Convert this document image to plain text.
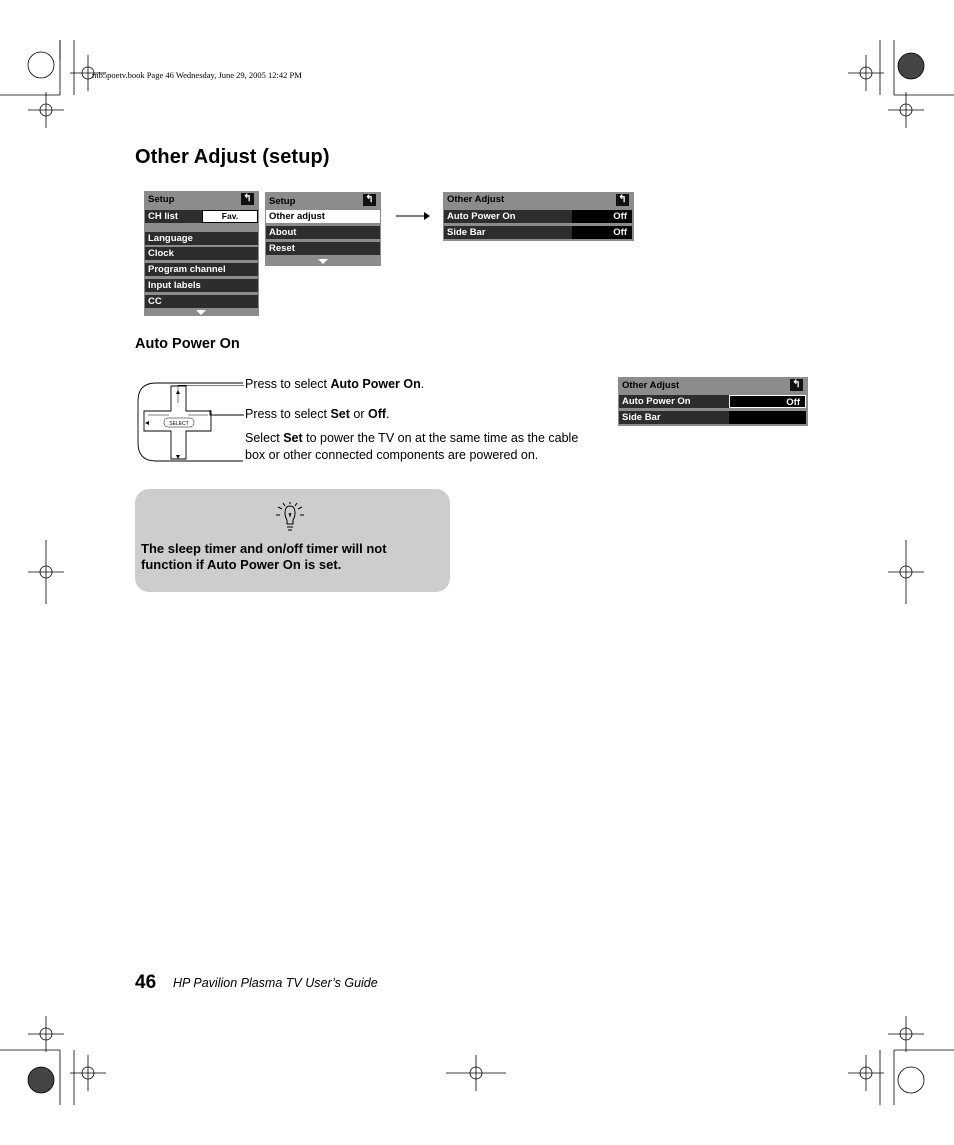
mb5poetv.book Page 46 Wednesday, June 29, 2005 12:42 PM
Other Adjust (setup)
Setup	↰
CH list	Fav.
Language
Clock
Program channel
Input labels
CC
Setup	↰
Other adjust
About
Reset
Other Adjust	↰
Auto Power On	Off
Side Bar	Off
Auto Power On
SELECT
Press to select Auto Power On.
Press to select Set or Off.
Select Set to power the TV on at the same time as the cable
box or other connected components are powered on.
Other Adjust	↰
Auto Power On	Off
Side Bar
The sleep timer and on/off timer will not
function if Auto Power On is set.
46 HP Pavilion Plasma TV User’s Guide
